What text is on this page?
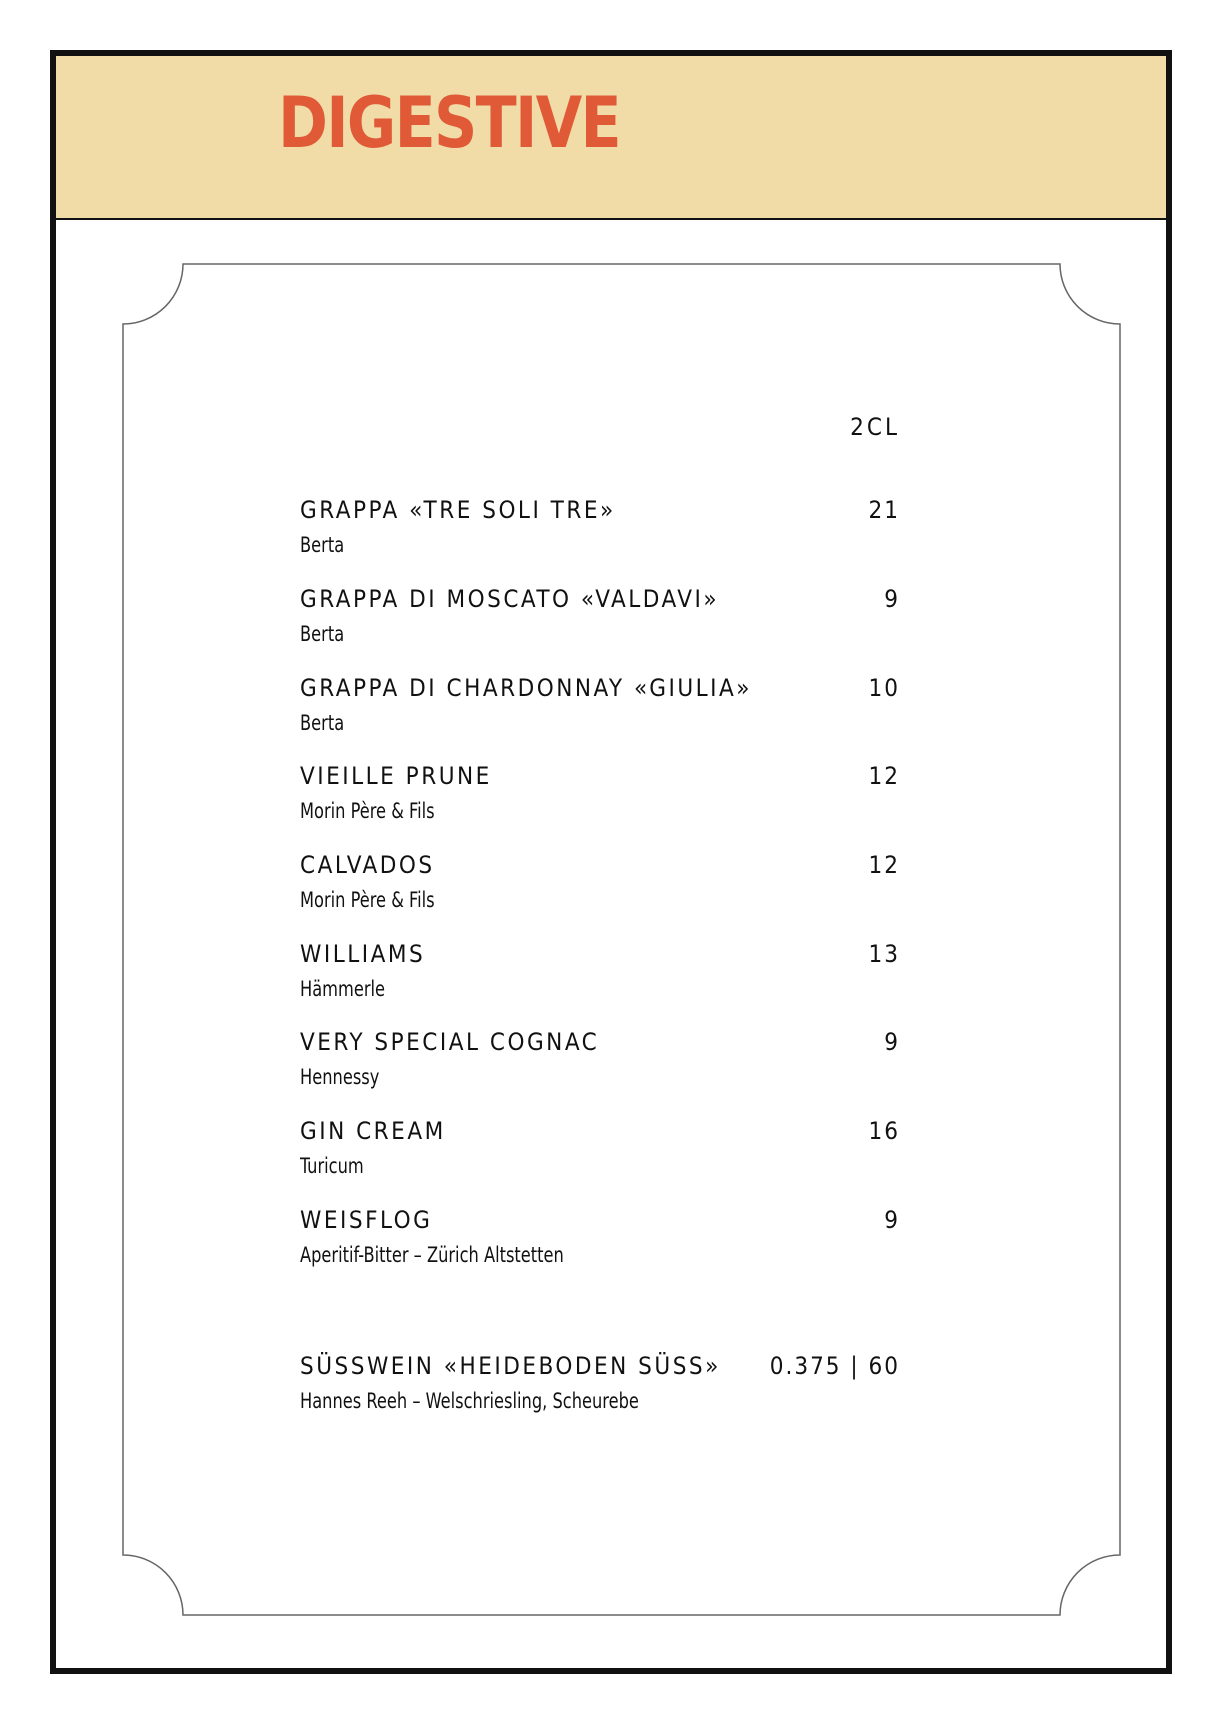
DIGESTIVE
2CL
GRAPPA «TRE SOLI TRE»	21
Berta
GRAPPA DI MOSCATO «VALDAVI»	9
Berta
GRAPPA DI CHARDONNAY «GIULIA»	10
Berta
VIEILLE PRUNE	12
Morin Père & Fils
CALVADOS	12
Morin Père & Fils
WILLIAMS	13
Hämmerle
VERY SPECIAL COGNAC	9
Hennessy
GIN CREAM	16
Turicum
WEISFLOG	9
Aperitif-Bitter – Zürich Altstetten
SÜSSWEIN «HEIDEBODEN SÜSS» 0.375 | 60
Hannes Reeh – Welschriesling, Scheurebe
